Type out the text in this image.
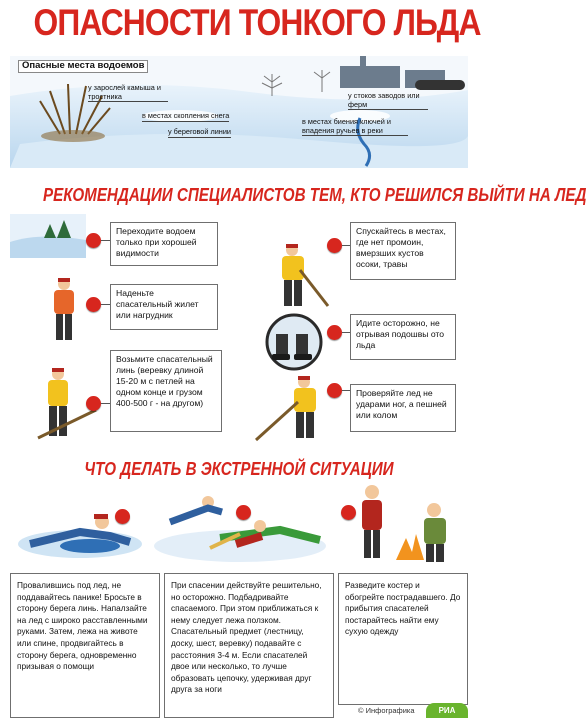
ОПАСНОСТИ ТОНКОГО ЛЬДА
Опасные места водоемов
у зарослей камыша и тростника
в местах скопления снега
у береговой линии
у стоков заводов или ферм
в местах биения ключей и впадения ручьев в реки
РЕКОМЕНДАЦИИ СПЕЦИАЛИСТОВ ТЕМ, КТО РЕШИЛСЯ ВЫЙТИ НА ЛЕД
Переходите водоем только при хорошей видимости
Наденьте спасательный жилет или нагрудник
Возьмите спасательный линь (веревку длиной 15-20 м с петлей на одном конце и грузом 400-500 г - на другом)
Спускайтесь в местах, где нет промоин, вмерзших кустов осоки, травы
Идите осторожно, не отрывая подошвы ото льда
Проверяйте лед не ударами ног, а пешней или колом
ЧТО ДЕЛАТЬ В ЭКСТРЕННОЙ СИТУАЦИИ
Провалившись под лед, не поддавайтесь панике! Бросьте в сторону берега линь. Напалзайте на лед с широко расставленными руками. Затем, лежа на животе или спине, продвигайтесь в сторону берега, одновременно призывая о помощи
При спасении действуйте решительно, но осторожно. Подбадривайте спасаемого. При этом приближаться к нему следует лежа ползком. Спасательный предмет (лестницу, доску, шест, веревку) подавайте с расстояния 3-4 м. Если спасателей двое или несколько, то лучше образовать цепочку, удерживая друг друга за ноги
Разведите костер и обогрейте пострадавшего. До прибытия спасателей постарайтесь найти ему сухую одежду
© Инфографика	РИА
